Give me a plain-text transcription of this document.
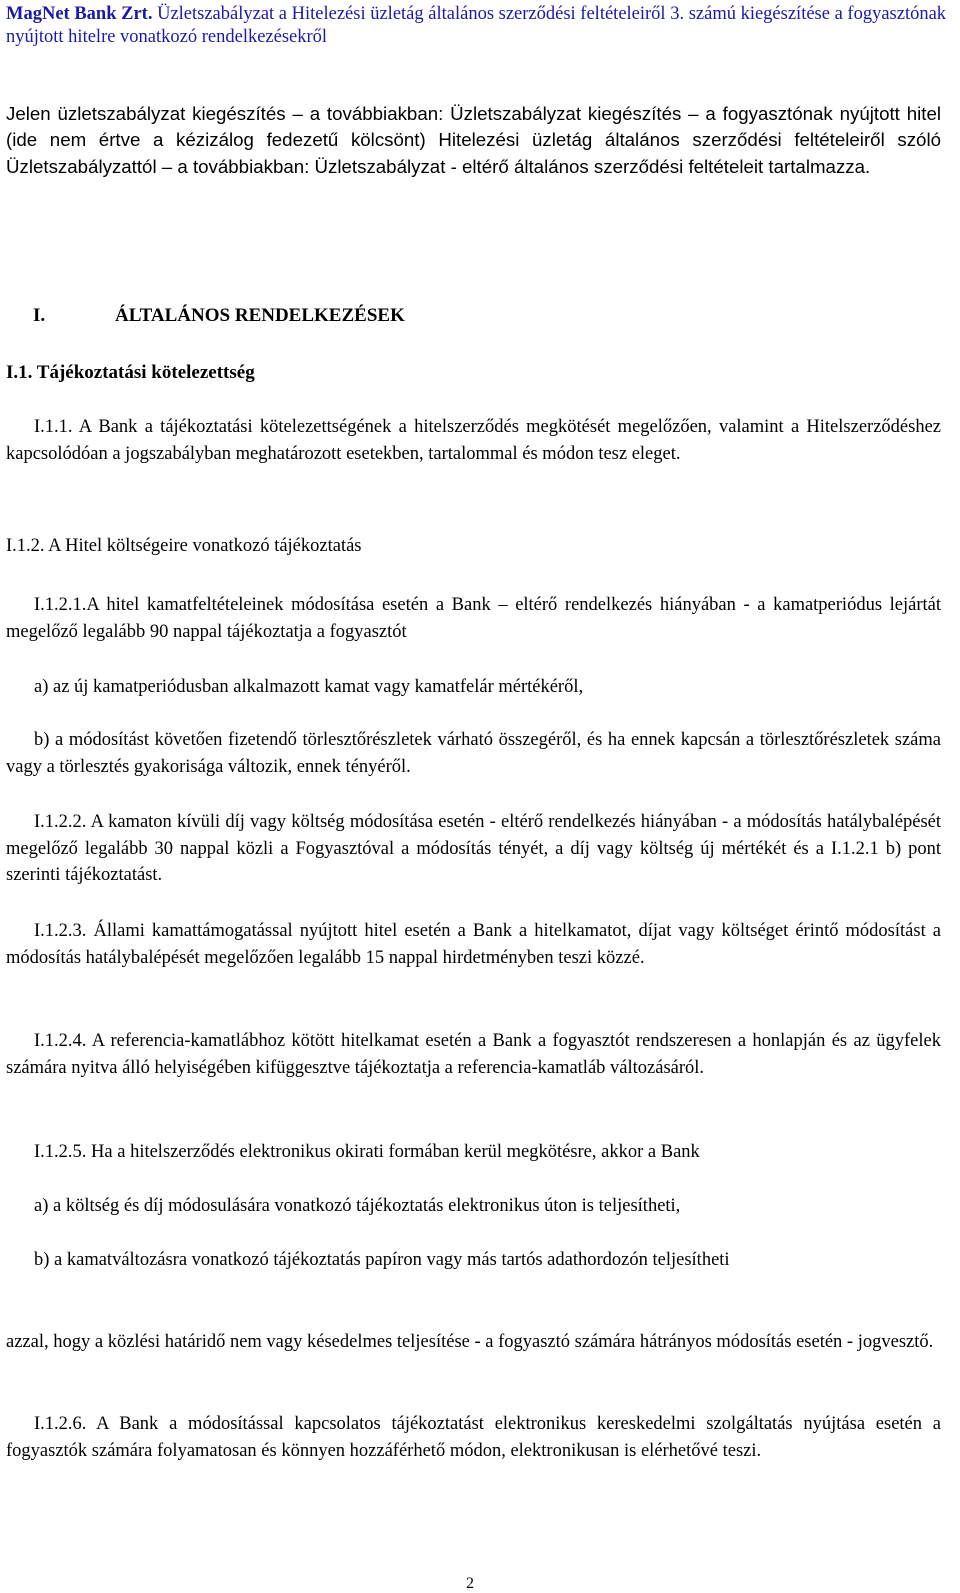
MagNet Bank Zrt. Üzletszabályzat a Hitelezési üzletág általános szerződési feltételeiről 3. számú kiegészítése a fogyasztónak nyújtott hitelre vonatkozó rendelkezésekről
Jelen üzletszabályzat kiegészítés – a továbbiakban: Üzletszabályzat kiegészítés – a fogyasztónak nyújtott hitel (ide nem értve a kézizálog fedezetű kölcsönt) Hitelezési üzletág általános szerződési feltételeiről szóló Üzletszabályzattól – a továbbiakban: Üzletszabályzat - eltérő általános szerződési feltételeit tartalmazza.
I.	ÁLTALÁNOS RENDELKEZÉSEK
I.1. Tájékoztatási kötelezettség
I.1.1. A Bank a tájékoztatási kötelezettségének a hitelszerződés megkötését megelőzően, valamint a Hitelszerződéshez kapcsolódóan a jogszabályban meghatározott esetekben, tartalommal és módon tesz eleget.
I.1.2. A Hitel költségeire vonatkozó tájékoztatás
I.1.2.1.A hitel kamatfeltételeinek módosítása esetén a Bank – eltérő rendelkezés hiányában - a kamatperiódus lejártát megelőző legalább 90 nappal tájékoztatja a fogyasztót
a) az új kamatperiódusban alkalmazott kamat vagy kamatfelár mértékéről,
b) a módosítást követően fizetendő törlesztőrészletek várható összegéről, és ha ennek kapcsán a törlesztőrészletek száma vagy a törlesztés gyakorisága változik, ennek tényéről.
I.1.2.2. A kamaton kívüli díj vagy költség módosítása esetén - eltérő rendelkezés hiányában - a módosítás hatálybalépését megelőző legalább 30 nappal közli a Fogyasztóval a módosítás tényét, a díj vagy költség új mértékét és a I.1.2.1 b) pont szerinti tájékoztatást.
I.1.2.3. Állami kamattámogatással nyújtott hitel esetén a Bank a hitelkamatot, díjat vagy költséget érintő módosítást a módosítás hatálybalépését megelőzően legalább 15 nappal hirdetményben teszi közzé.
I.1.2.4. A referencia-kamatlábhoz kötött hitelkamat esetén a Bank a fogyasztót rendszeresen a honlapján és az ügyfelek számára nyitva álló helyiségében kifüggesztve tájékoztatja a referencia-kamatláb változásáról.
I.1.2.5. Ha a hitelszerződés elektronikus okirati formában kerül megkötésre, akkor a Bank
a) a költség és díj módosulására vonatkozó tájékoztatás elektronikus úton is teljesítheti,
b) a kamatváltozásra vonatkozó tájékoztatás papíron vagy más tartós adathordozón teljesítheti
azzal, hogy a közlési határidő nem vagy késedelmes teljesítése - a fogyasztó számára hátrányos módosítás esetén - jogvesztő.
I.1.2.6. A Bank a módosítással kapcsolatos tájékoztatást elektronikus kereskedelmi szolgáltatás nyújtása esetén a fogyasztók számára folyamatosan és könnyen hozzáférhető módon, elektronikusan is elérhetővé teszi.
2
